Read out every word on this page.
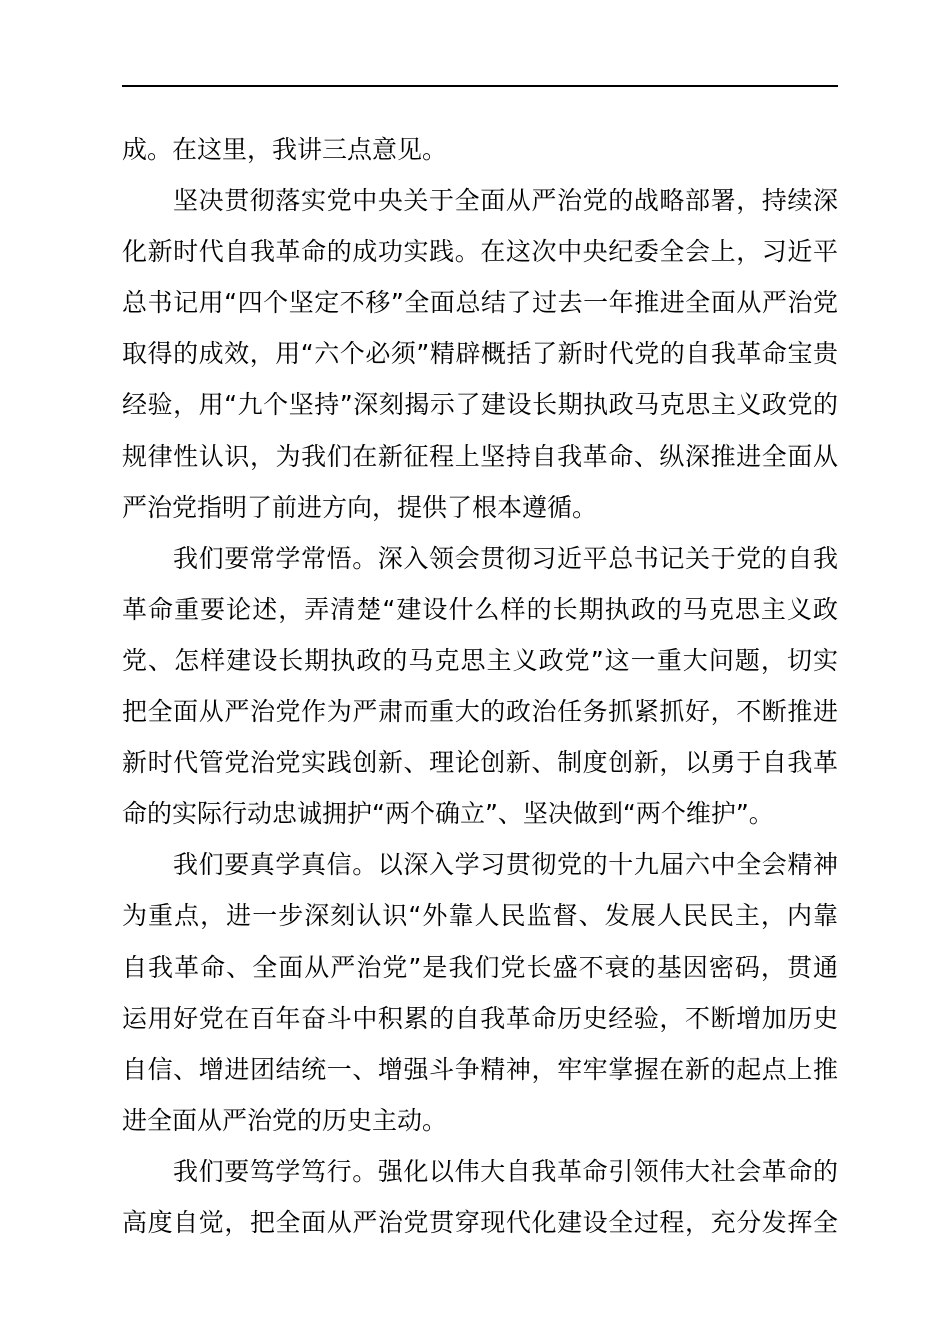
成。在这里，我讲三点意见。
坚决贯彻落实党中央关于全面从严治党的战略部署，持续深
化新时代自我革命的成功实践。在这次中央纪委全会上，习近平
总书记用“四个坚定不移”全面总结了过去一年推进全面从严治党
取得的成效，用“六个必须”精辟概括了新时代党的自我革命宝贵
经验，用“九个坚持”深刻揭示了建设长期执政马克思主义政党的
规律性认识，为我们在新征程上坚持自我革命、纵深推进全面从
严治党指明了前进方向，提供了根本遵循。
我们要常学常悟。深入领会贯彻习近平总书记关于党的自我
革命重要论述，弄清楚“建设什么样的长期执政的马克思主义政
党、怎样建设长期执政的马克思主义政党”这一重大问题，切实
把全面从严治党作为严肃而重大的政治任务抓紧抓好，不断推进
新时代管党治党实践创新、理论创新、制度创新，以勇于自我革
命的实际行动忠诚拥护“两个确立”、坚决做到“两个维护”。
我们要真学真信。以深入学习贯彻党的十九届六中全会精神
为重点，进一步深刻认识“外靠人民监督、发展人民民主，内靠
自我革命、全面从严治党”是我们党长盛不衰的基因密码，贯通
运用好党在百年奋斗中积累的自我革命历史经验，不断增加历史
自信、增进团结统一、增强斗争精神，牢牢掌握在新的起点上推
进全面从严治党的历史主动。
我们要笃学笃行。强化以伟大自我革命引领伟大社会革命的
高度自觉，把全面从严治党贯穿现代化建设全过程，充分发挥全
